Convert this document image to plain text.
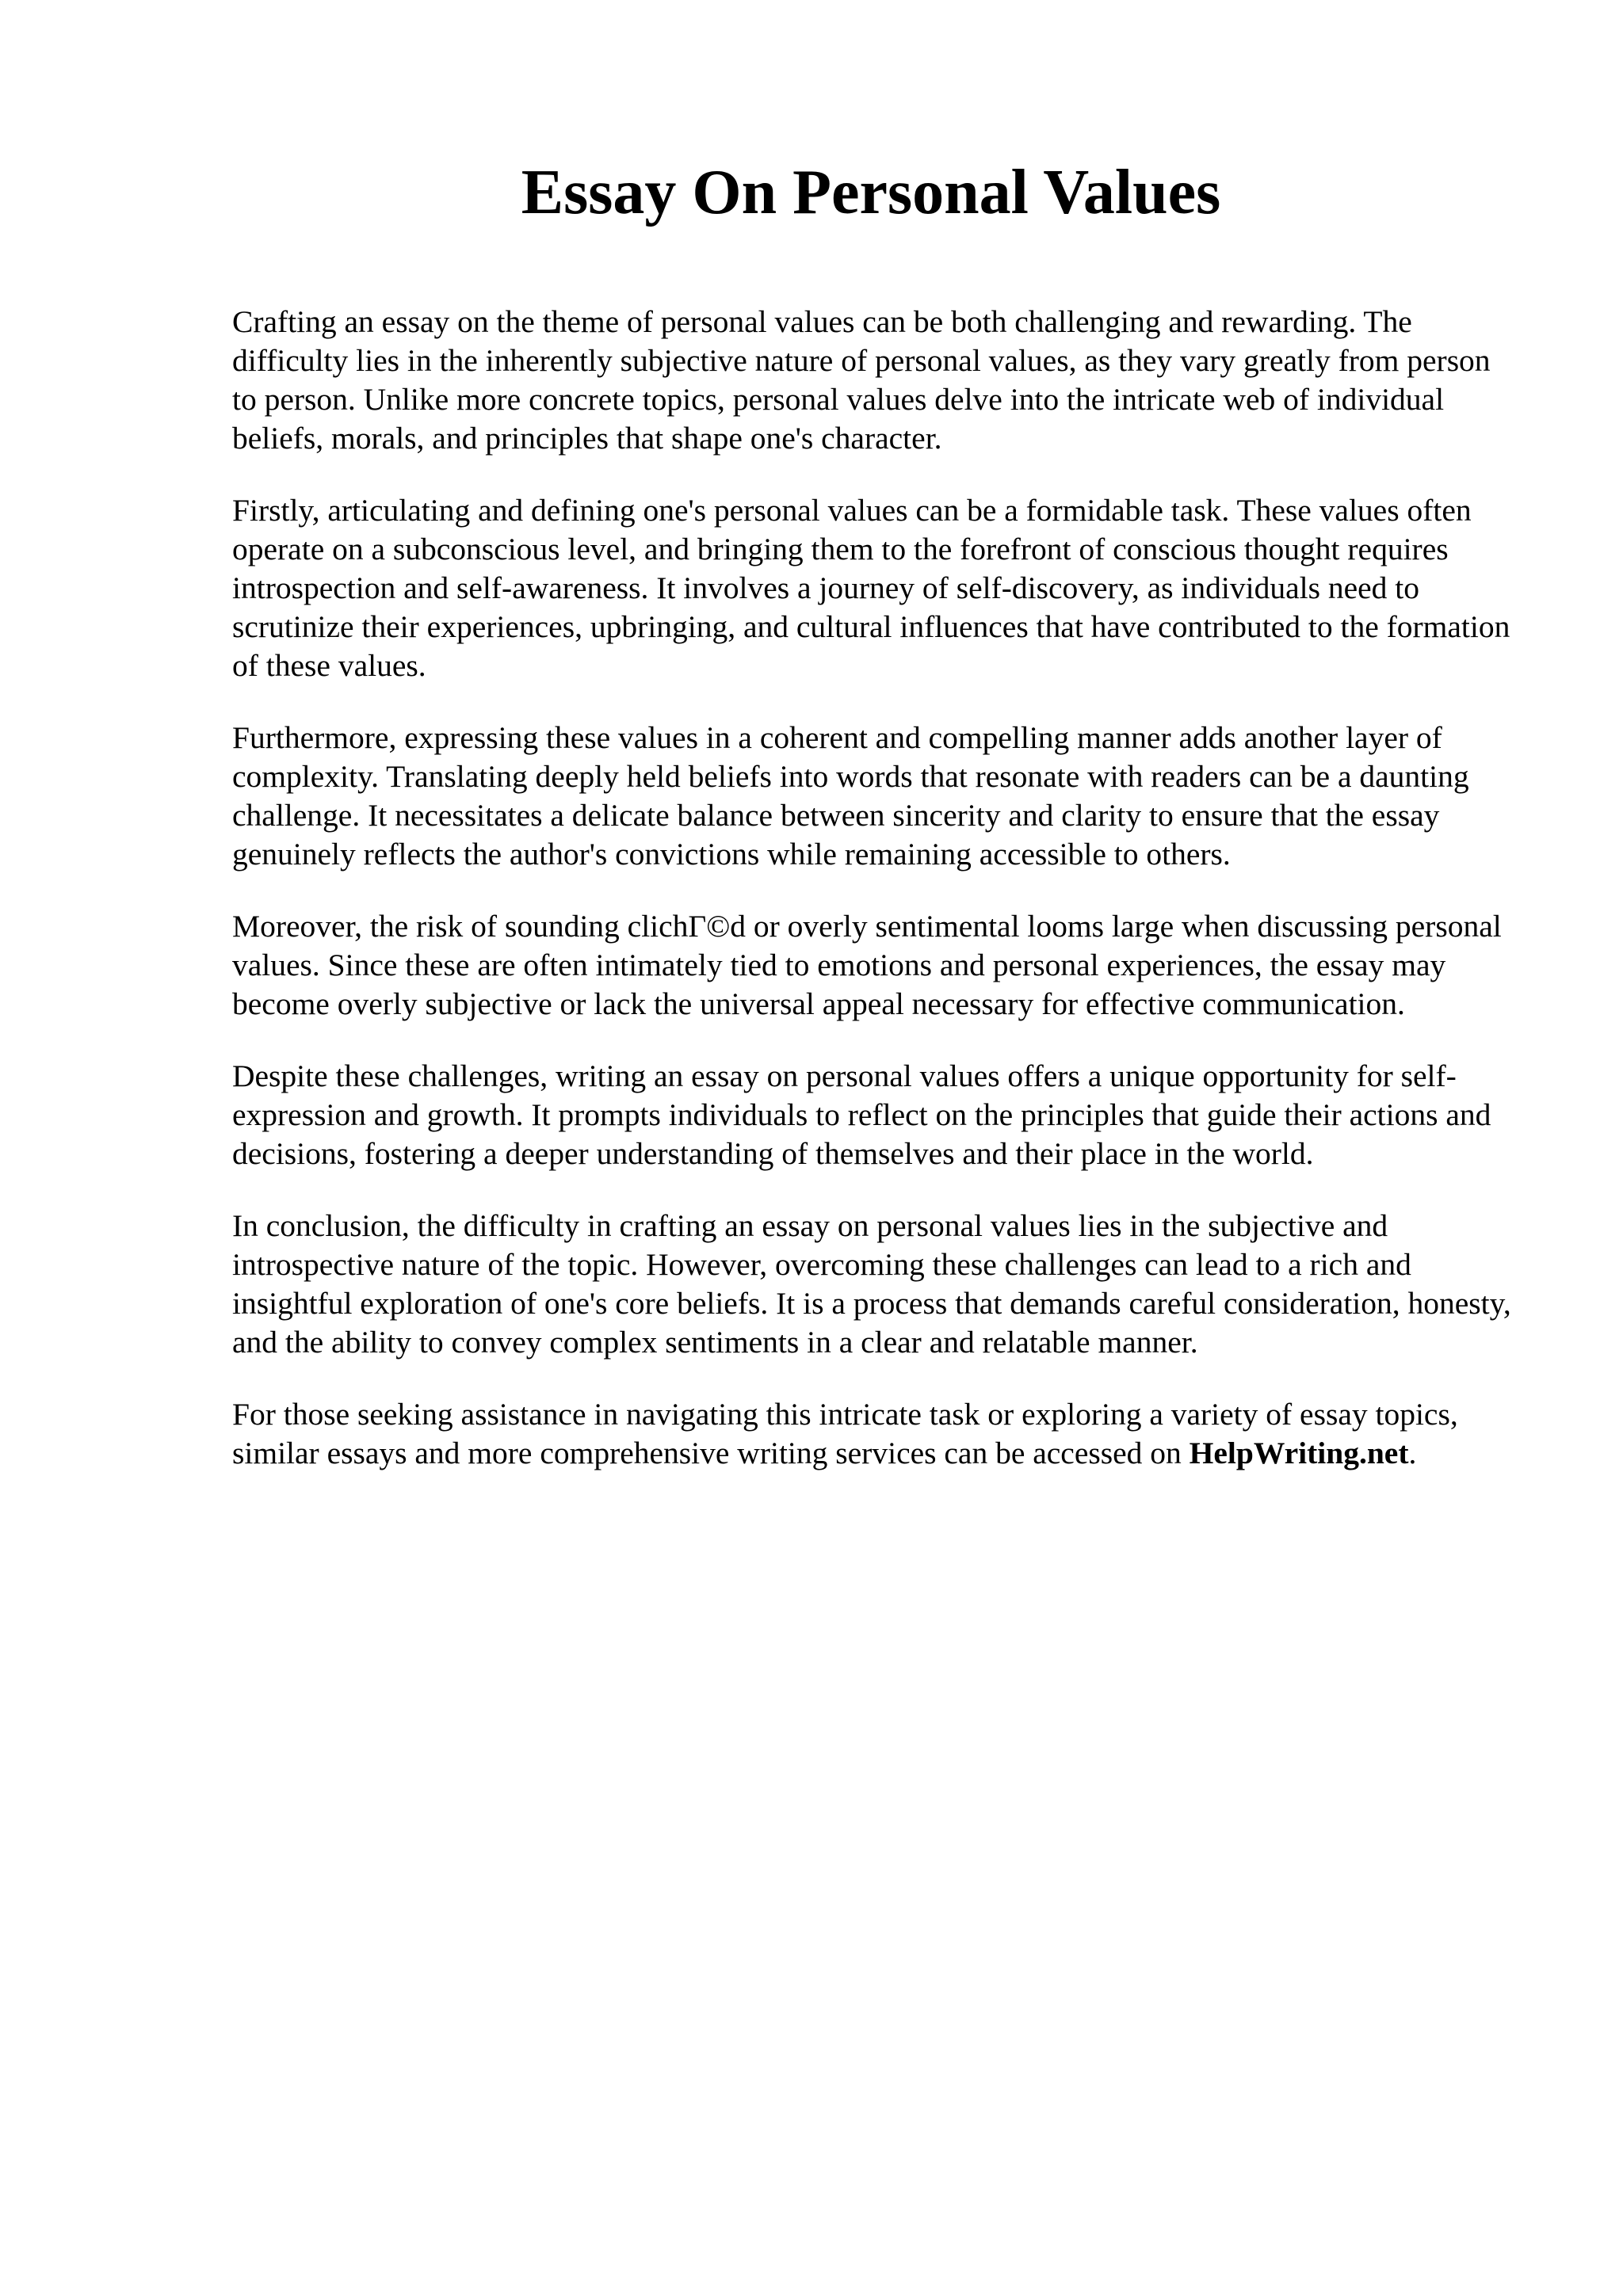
Essay On Personal Values

Crafting an essay on the theme of personal values can be both challenging and rewarding. The difficulty lies in the inherently subjective nature of personal values, as they vary greatly from person to person. Unlike more concrete topics, personal values delve into the intricate web of individual beliefs, morals, and principles that shape one's character.

Firstly, articulating and defining one's personal values can be a formidable task. These values often operate on a subconscious level, and bringing them to the forefront of conscious thought requires introspection and self-awareness. It involves a journey of self-discovery, as individuals need to scrutinize their experiences, upbringing, and cultural influences that have contributed to the formation of these values.

Furthermore, expressing these values in a coherent and compelling manner adds another layer of complexity. Translating deeply held beliefs into words that resonate with readers can be a daunting challenge. It necessitates a delicate balance between sincerity and clarity to ensure that the essay genuinely reflects the author's convictions while remaining accessible to others.

Moreover, the risk of sounding clichΓ©d or overly sentimental looms large when discussing personal values. Since these are often intimately tied to emotions and personal experiences, the essay may become overly subjective or lack the universal appeal necessary for effective communication.

Despite these challenges, writing an essay on personal values offers a unique opportunity for self-expression and growth. It prompts individuals to reflect on the principles that guide their actions and decisions, fostering a deeper understanding of themselves and their place in the world.

In conclusion, the difficulty in crafting an essay on personal values lies in the subjective and introspective nature of the topic. However, overcoming these challenges can lead to a rich and insightful exploration of one's core beliefs. It is a process that demands careful consideration, honesty, and the ability to convey complex sentiments in a clear and relatable manner.

For those seeking assistance in navigating this intricate task or exploring a variety of essay topics, similar essays and more comprehensive writing services can be accessed on HelpWriting.net.
